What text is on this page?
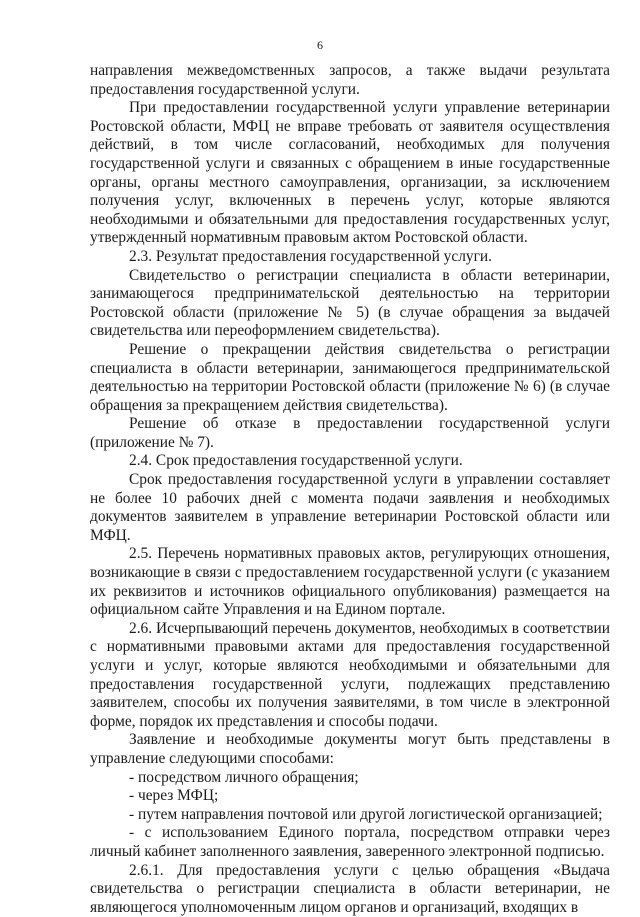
6

направления межведомственных запросов, а также выдачи результата предоставления государственной услуги.

При предоставлении государственной услуги управление ветеринарии Ростовской области, МФЦ не вправе требовать от заявителя осуществления действий, в том числе согласований, необходимых для получения государственной услуги и связанных с обращением в иные государственные органы, органы местного самоуправления, организации, за исключением получения услуг, включенных в перечень услуг, которые являются необходимыми и обязательными для предоставления государственных услуг, утвержденный нормативным правовым актом Ростовской области.

2.3. Результат предоставления государственной услуги.

Свидетельство о регистрации специалиста в области ветеринарии, занимающегося предпринимательской деятельностью на территории Ростовской области (приложение № 5) (в случае обращения за выдачей свидетельства или переоформлением свидетельства).

Решение о прекращении действия свидетельства о регистрации специалиста в области ветеринарии, занимающегося предпринимательской деятельностью на территории Ростовской области (приложение № 6) (в случае обращения за прекращением действия свидетельства).

Решение об отказе в предоставлении государственной услуги (приложение № 7).

2.4. Срок предоставления государственной услуги.

Срок предоставления государственной услуги в управлении составляет не более 10 рабочих дней с момента подачи заявления и необходимых документов заявителем в управление ветеринарии Ростовской области или МФЦ.

2.5. Перечень нормативных правовых актов, регулирующих отношения, возникающие в связи с предоставлением государственной услуги (с указанием их реквизитов и источников официального опубликования) размещается на официальном сайте Управления и на Едином портале.

2.6. Исчерпывающий перечень документов, необходимых в соответствии с нормативными правовыми актами для предоставления государственной услуги и услуг, которые являются необходимыми и обязательными для предоставления государственной услуги, подлежащих представлению заявителем, способы их получения заявителями, в том числе в электронной форме, порядок их представления и способы подачи.

Заявление и необходимые документы могут быть представлены в управление следующими способами:

- посредством личного обращения;

- через МФЦ;

- путем направления почтовой или другой логистической организацией;

- с использованием Единого портала, посредством отправки через личный кабинет заполненного заявления, заверенного электронной подписью.

2.6.1. Для предоставления услуги с целью обращения «Выдача свидетельства о регистрации специалиста в области ветеринарии, не являющегося уполномоченным лицом органов и организаций, входящих в
